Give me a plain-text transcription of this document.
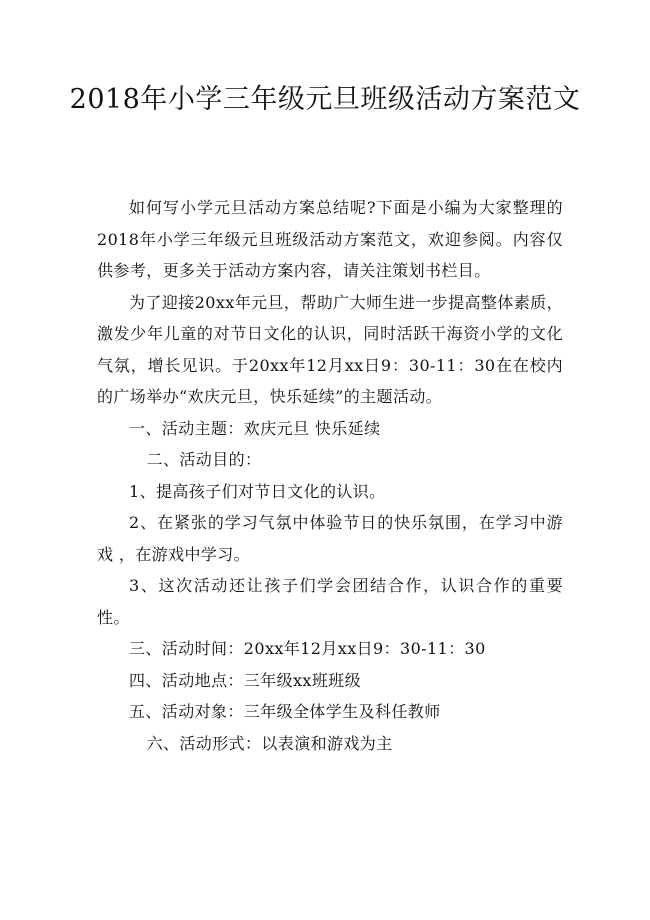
2018年小学三年级元旦班级活动方案范文

如何写小学元旦活动方案总结呢?下面是小编为大家整理的2018年小学三年级元旦班级活动方案范文，欢迎参阅。内容仅供参考，更多关于活动方案内容，请关注策划书栏目。

为了迎接20xx年元旦，帮助广大师生进一步提高整体素质，激发少年儿童的对节日文化的认识，同时活跃干海资小学的文化气氛，增长见识。于20xx年12月xx日9：30-11：30在在校内的广场举办“欢庆元旦，快乐延续”的主题活动。

一、活动主题：欢庆元旦 快乐延续

二、活动目的：

1、提高孩子们对节日文化的认识。

2、在紧张的学习气氛中体验节日的快乐氛围，在学习中游戏 ，在游戏中学习。

3、这次活动还让孩子们学会团结合作，认识合作的重要性。

三、活动时间：20xx年12月xx日9：30-11：30

四、活动地点：三年级xx班班级

五、活动对象：三年级全体学生及科任教师

六、活动形式：以表演和游戏为主
